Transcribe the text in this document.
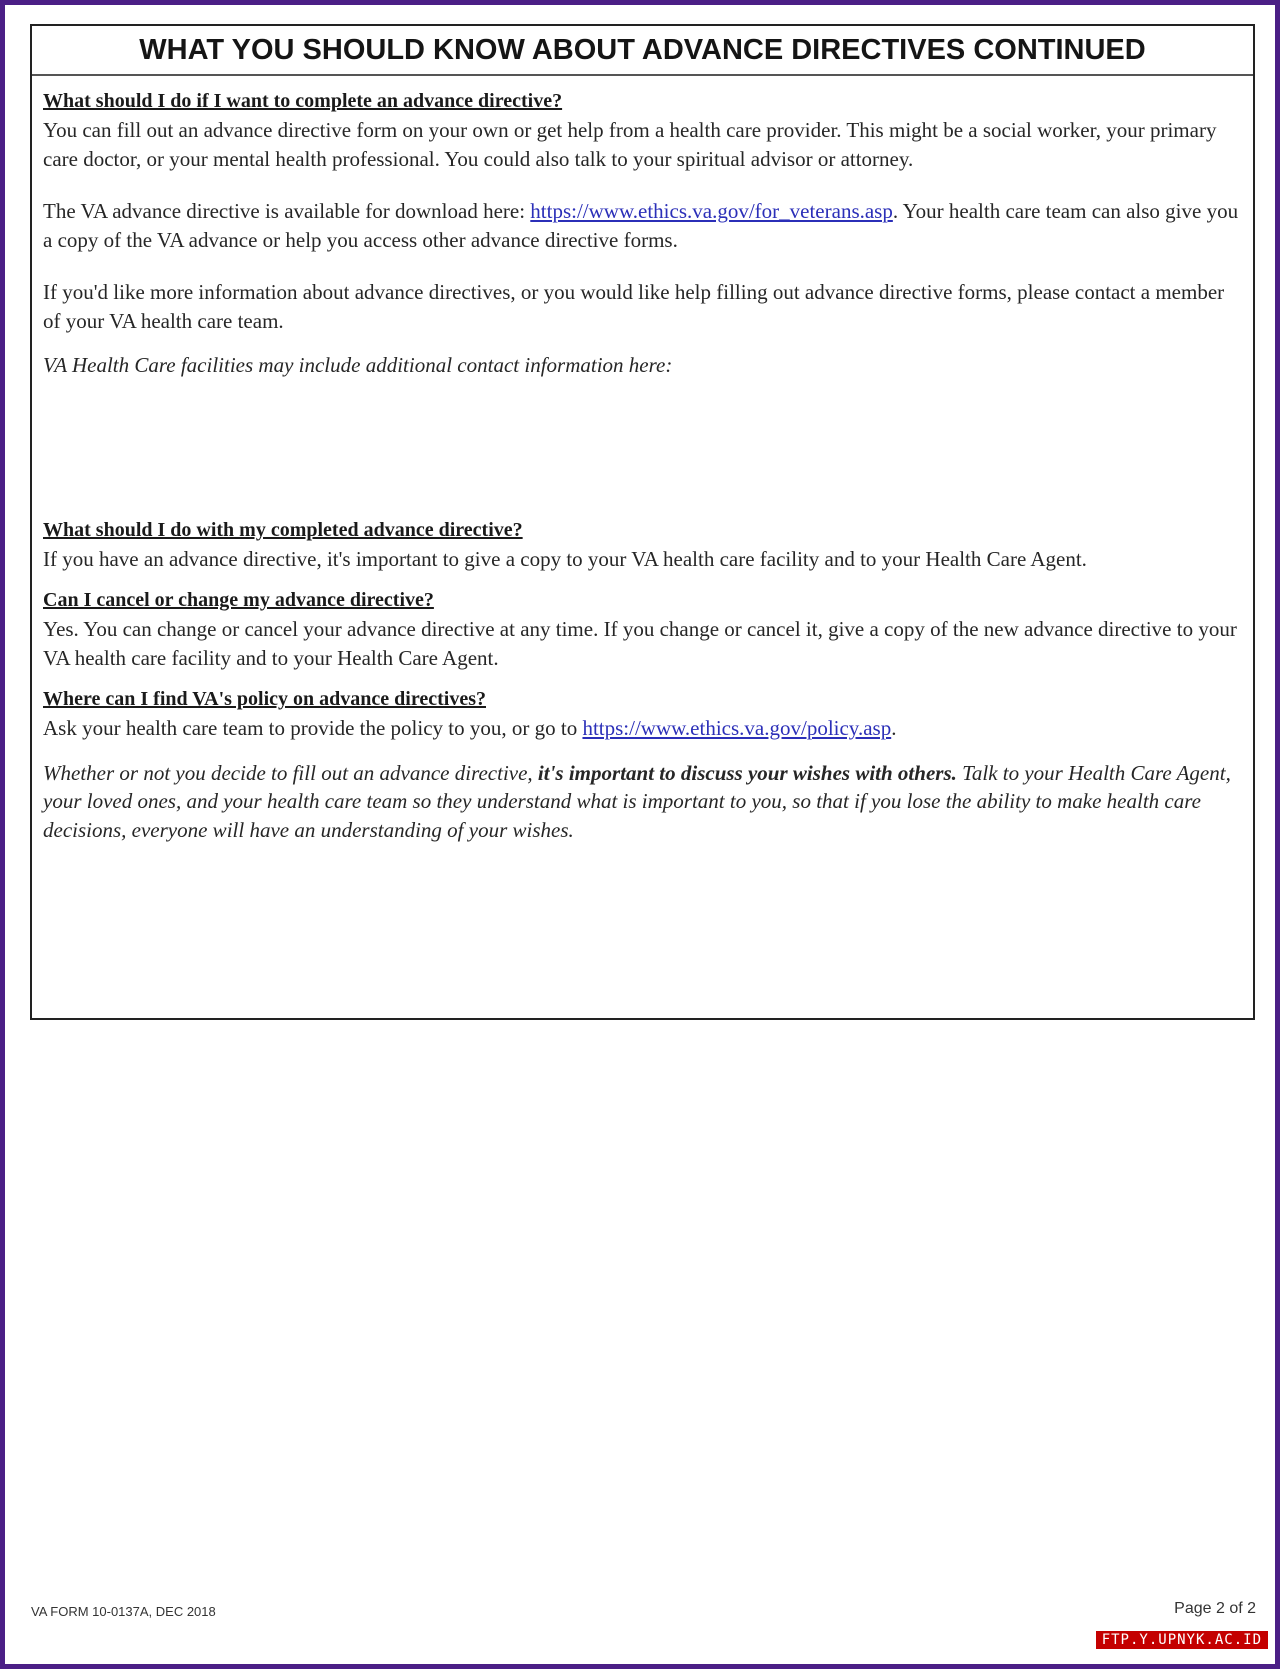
WHAT YOU SHOULD KNOW ABOUT ADVANCE DIRECTIVES CONTINUED
What should I do if I want to complete an advance directive?
You can fill out an advance directive form on your own or get help from a health care provider. This might be a social worker, your primary care doctor, or your mental health professional. You could also talk to your spiritual advisor or attorney.
The VA advance directive is available for download here: https://www.ethics.va.gov/for_veterans.asp. Your health care team can also give you a copy of the VA advance or help you access other advance directive forms.
If you'd like more information about advance directives, or you would like help filling out advance directive forms, please contact a member of your VA health care team.
VA Health Care facilities may include additional contact information here:
What should I do with my completed advance directive?
If you have an advance directive, it's important to give a copy to your VA health care facility and to your Health Care Agent.
Can I cancel or change my advance directive?
Yes. You can change or cancel your advance directive at any time. If you change or cancel it, give a copy of the new advance directive to your VA health care facility and to your Health Care Agent.
Where can I find VA's policy on advance directives?
Ask your health care team to provide the policy to you, or go to https://www.ethics.va.gov/policy.asp.
Whether or not you decide to fill out an advance directive, it's important to discuss your wishes with others. Talk to your Health Care Agent, your loved ones, and your health care team so they understand what is important to you, so that if you lose the ability to make health care decisions, everyone will have an understanding of your wishes.
VA FORM 10-0137A, DEC 2018	Page 2 of 2
FTP.Y.UPNYK.AC.ID
